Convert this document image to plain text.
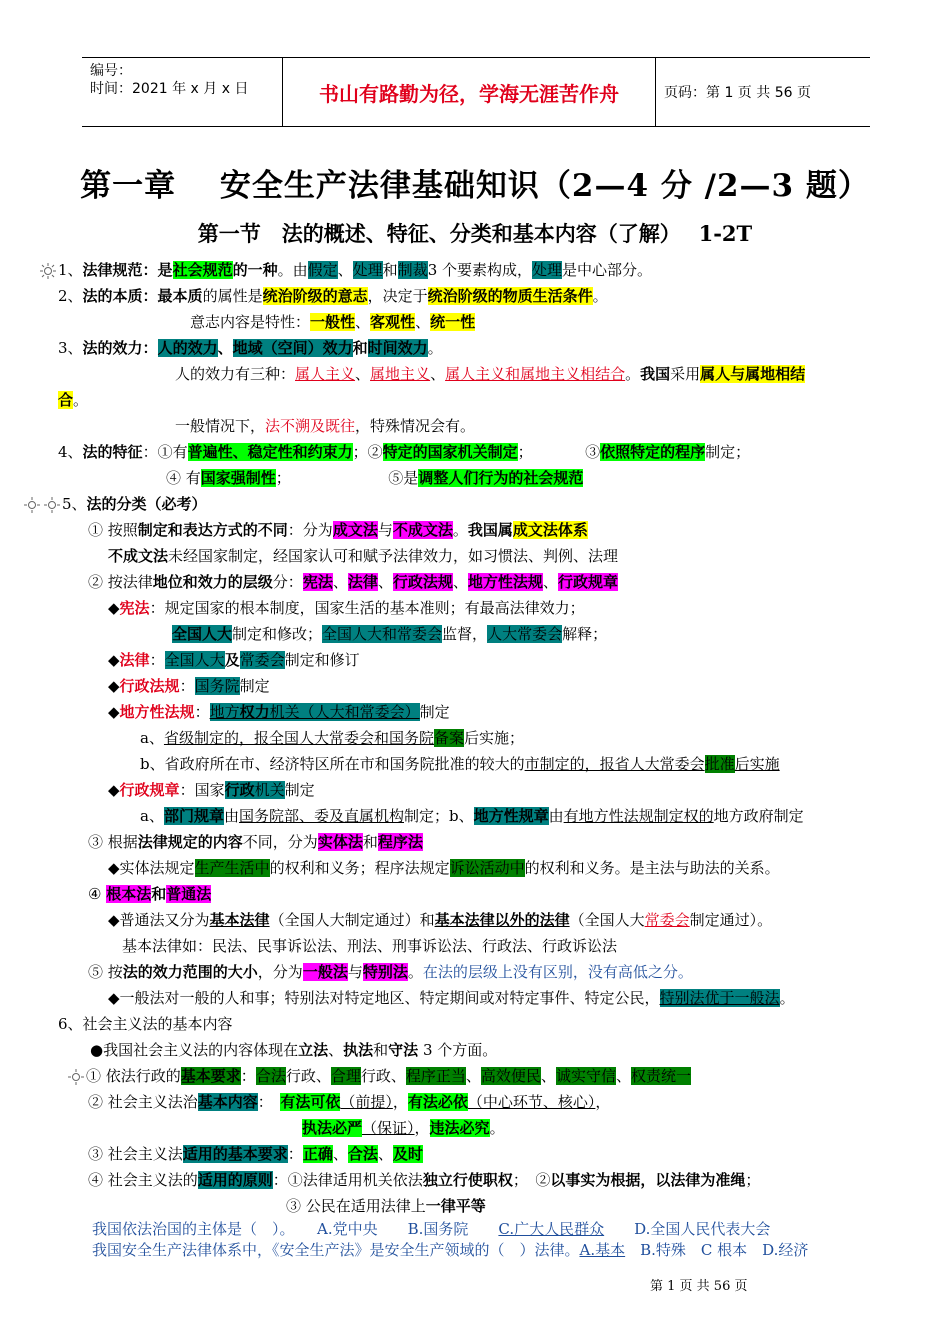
编号：
时间：2021 年 x 月 x 日	书山有路勤为径，学海无涯苦作舟	页码：第 1 页 共 56 页
第一章　 安全生产法律基础知识（2—4 分 /2—3 题）
第一节　法的概述、特征、分类和基本内容（了解）　 1-2T
1、法律规范：是社会规范的一种。由假定、处理和制裁3 个要素构成，处理是中心部分。
2、法的本质：最本质的属性是统治阶级的意志，决定于统治阶级的物质生活条件。
意志内容是特性：一般性、客观性、统一性
3、法的效力：人的效力、地域（空间）效力和时间效力。
人的效力有三种：属人主义、属地主义、属人主义和属地主义相结合。我国采用属人与属地相结
合。
一般情况下，法不溯及既往，特殊情况会有。
4、法的特征：①有普遍性、稳定性和约束力；②特定的国家机关制定；　　　　③依照特定的程序制定；
④ 有国家强制性；　　　　　　　⑤是调整人们行为的社会规范
5、法的分类（必考）
① 按照制定和表达方式的不同：分为成文法与不成文法。我国属成文法体系
不成文法未经国家制定，经国家认可和赋予法律效力，如习惯法、判例、法理
② 按法律地位和效力的层级分：宪法、法律、行政法规、地方性法规、行政规章
◆宪法：规定国家的根本制度，国家生活的基本准则；有最高法律效力；
全国人大制定和修改；全国人大和常委会监督，人大常委会解释；
◆法律：全国人大及常委会制定和修订
◆行政法规：国务院制定
◆地方性法规：地方权力机关（人大和常委会）制定
a、省级制定的，报全国人大常委会和国务院备案后实施；
b、省政府所在市、经济特区所在市和国务院批准的较大的市制定的，报省人大常委会批准后实施
◆行政规章：国家行政机关制定
a、部门规章由国务院部、委及直属机构制定；b、地方性规章由有地方性法规制定权的地方政府制定
③ 根据法律规定的内容不同，分为实体法和程序法
◆实体法规定生产生活中的权利和义务；程序法规定诉讼活动中的权利和义务。是主法与助法的关系。
④ 根本法和普通法
◆普通法又分为基本法律（全国人大制定通过）和基本法律以外的法律（全国人大常委会制定通过）。
基本法律如：民法、民事诉讼法、刑法、刑事诉讼法、行政法、行政诉讼法
⑤ 按法的效力范围的大小，分为一般法与特别法。在法的层级上没有区别，没有高低之分。
◆一般法对一般的人和事；特别法对特定地区、特定期间或对特定事件、特定公民，特别法优于一般法。
6、社会主义法的基本内容
●我国社会主义法的内容体现在立法、执法和守法 3 个方面。
① 依法行政的基本要求：合法行政、合理行政、程序正当、高效便民、诚实守信、权责统一
② 社会主义法治基本内容：　有法可依（前提），有法必依（中心环节、核心），
执法必严（保证），违法必究。
③ 社会主义法适用的基本要求：正确、合法、及时
④ 社会主义法的适用的原则：①法律适用机关依法独立行使职权；　②以事实为根据，以法律为准绳；
③ 公民在适用法律上一律平等
我国依法治国的主体是（　）。　　A.党中央　　B.国务院　　C.广大人民群众　　D.全国人民代表大会
我国安全生产法律体系中，《安全生产法》是安全生产领域的（　）法律。A.基本　B.特殊　C 根本　D.经济
第 1 页 共 56 页
